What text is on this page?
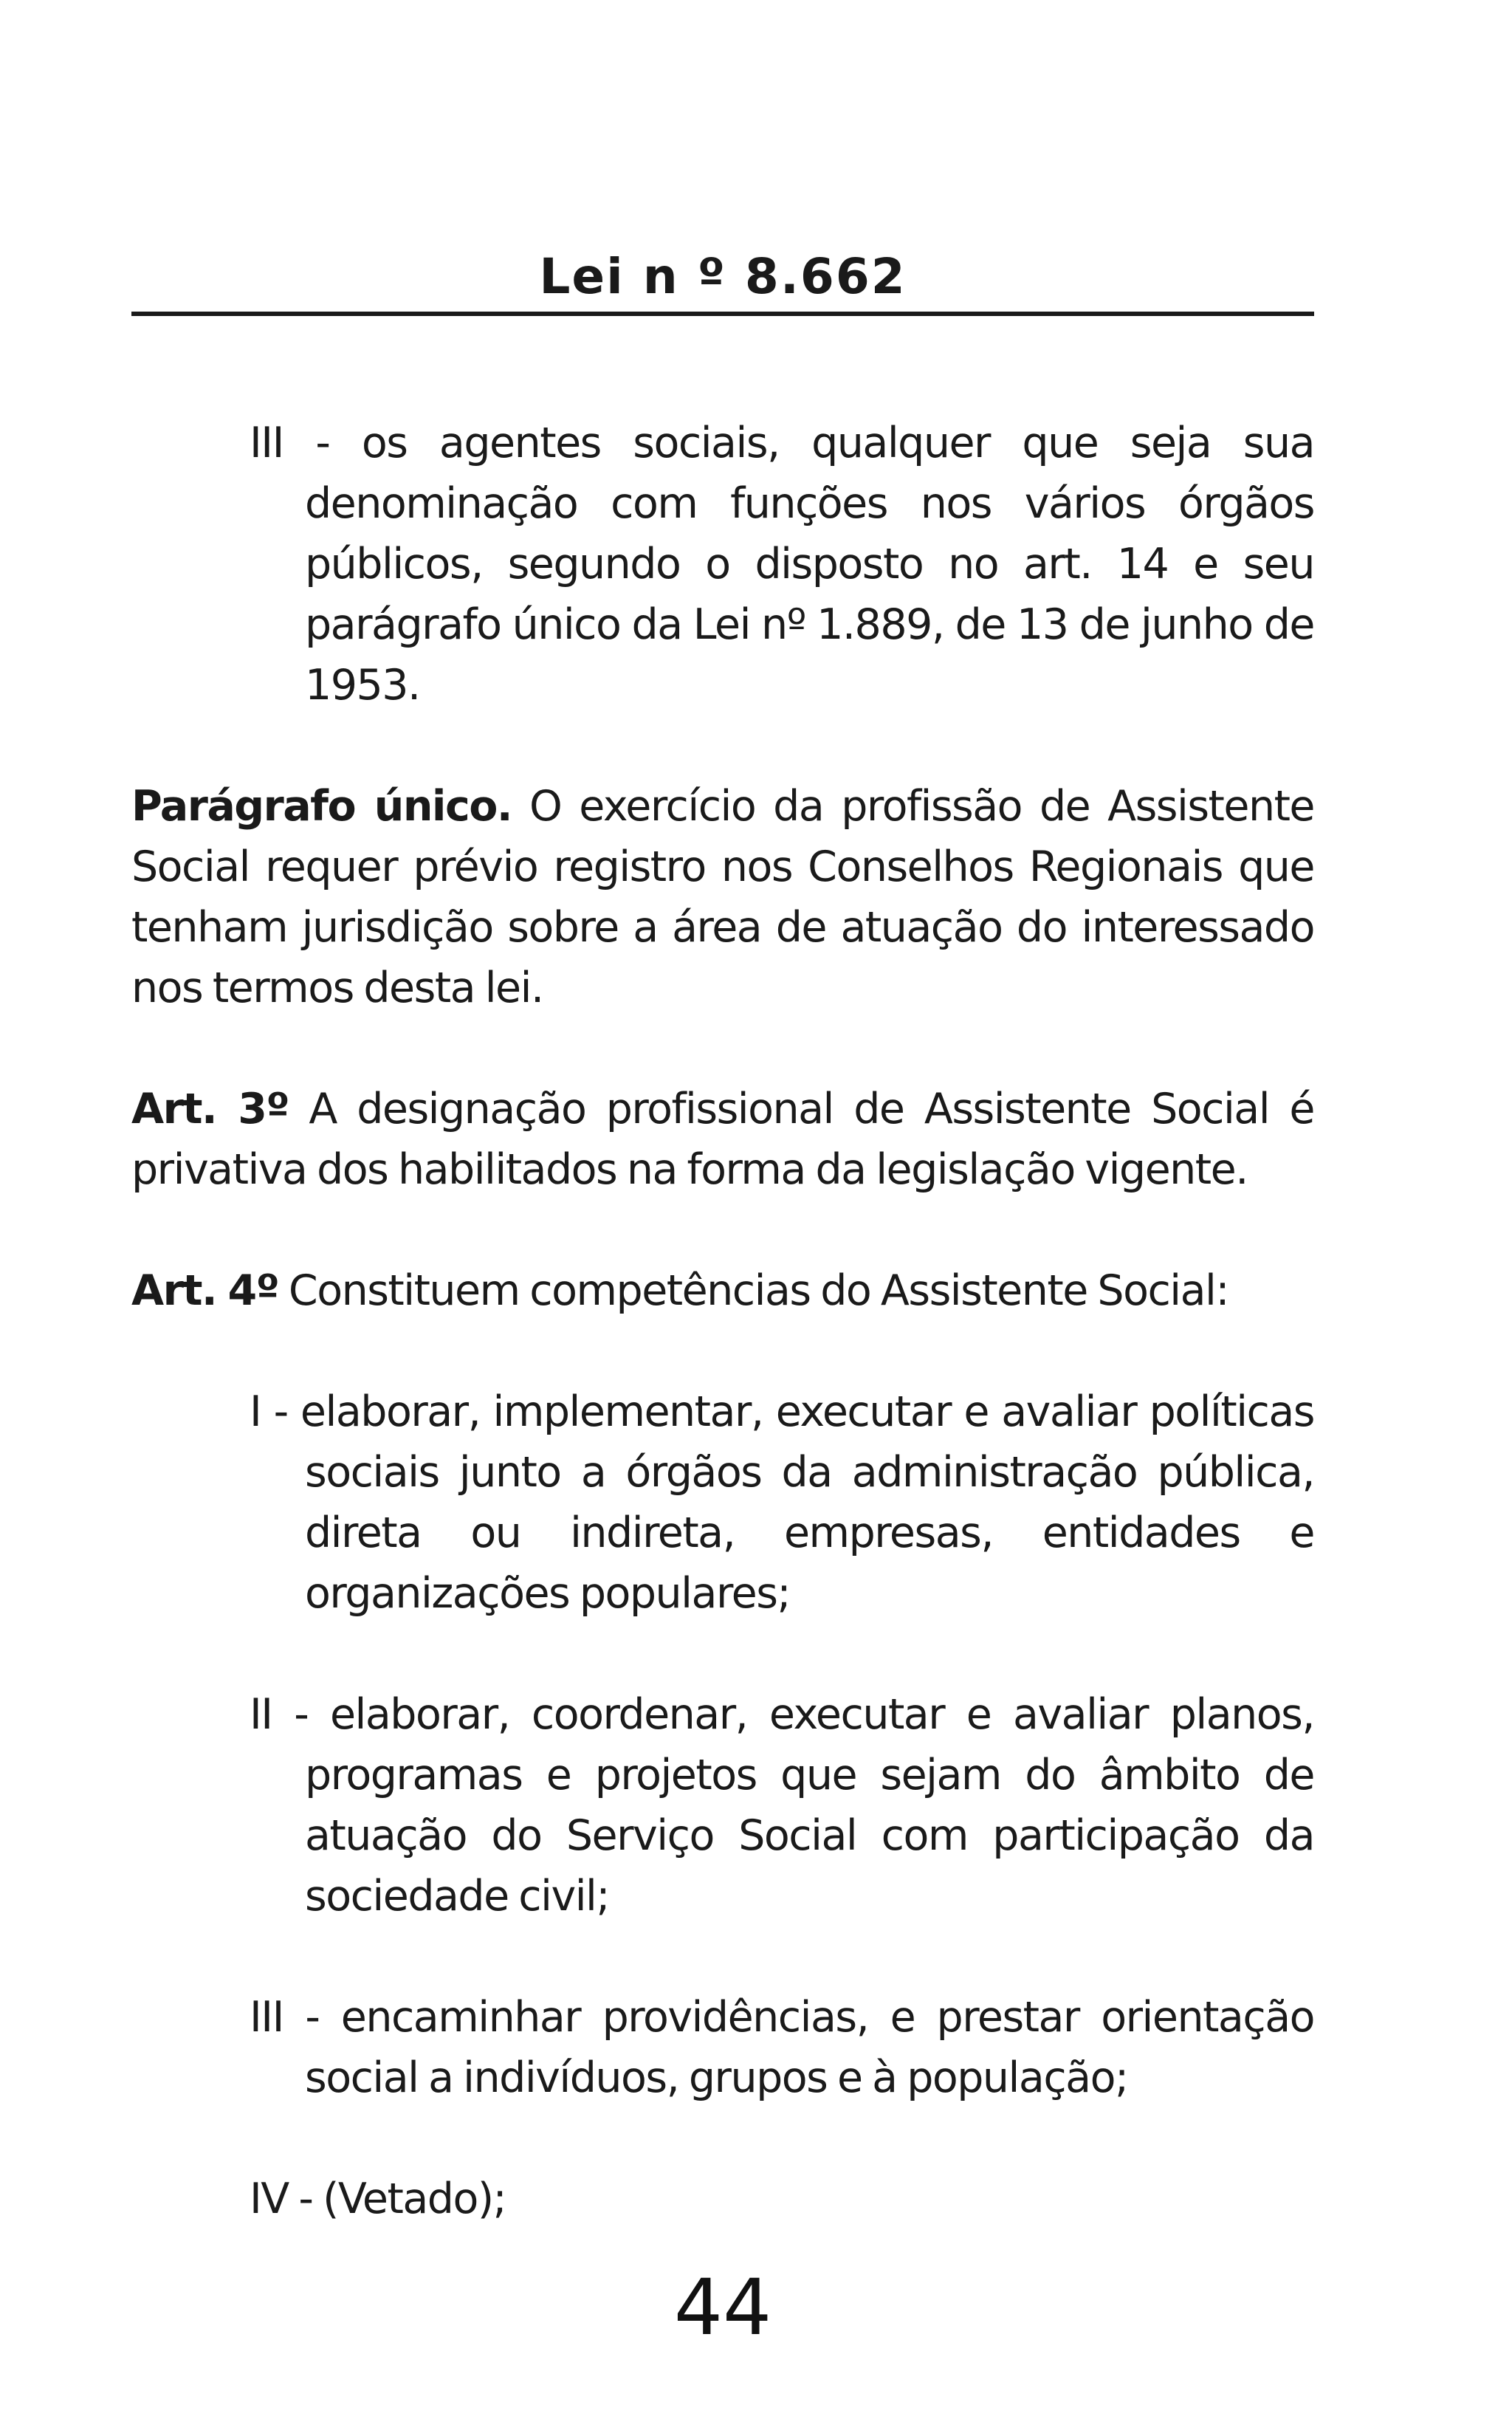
Lei n º 8.662

III - os agentes sociais, qualquer que seja sua denominação com funções nos vários órgãos públicos, segundo o disposto no art. 14 e seu parágrafo único da Lei nº 1.889, de 13 de junho de 1953.

Parágrafo único. O exercício da profissão de Assistente Social requer prévio registro nos Conselhos Regionais que tenham jurisdição sobre a área de atuação do interessado nos termos desta lei.

Art. 3º A designação profissional de Assistente Social é privativa dos habilitados na forma da legislação vigente.

Art. 4º Constituem competências do Assistente Social:

I - elaborar, implementar, executar e avaliar políticas sociais junto a órgãos da administração pública, direta ou indireta, empresas, entidades e organizações populares;

II - elaborar, coordenar, executar e avaliar planos, programas e projetos que sejam do âmbito de atuação do Serviço Social com participação da sociedade civil;

III - encaminhar providências, e prestar orientação social a indivíduos, grupos e à população;

IV - (Vetado);

44
